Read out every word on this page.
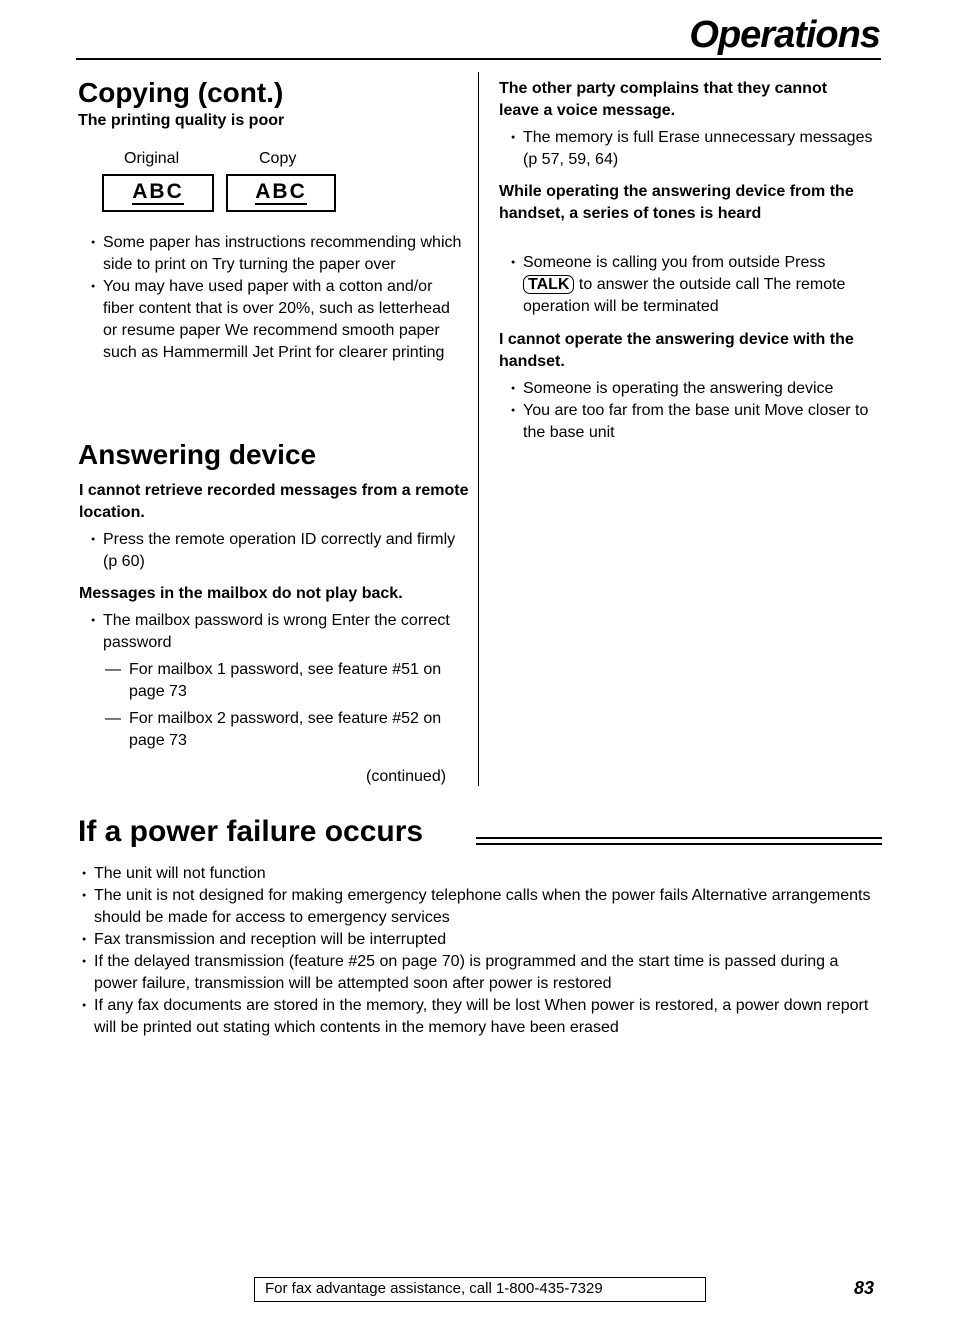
Operations
Copying (cont.)
The printing quality is poor
Original	Copy
ABC	ABC
● Some paper has instructions recommending which side to print on Try turning the paper over
● You may have used paper with a cotton and/or fiber content that is over 20%, such as letterhead or resume paper We recommend smooth paper such as Hammermill Jet Print for clearer printing
Answering device
I cannot retrieve recorded messages from a remote location.
● Press the remote operation ID correctly and firmly (p 60)
Messages in the mailbox do not play back.
● The mailbox password is wrong Enter the correct password
— For mailbox 1 password, see feature #51 on page 73
— For mailbox 2 password, see feature #52 on page 73
(continued)
The other party complains that they cannot leave a voice message.
● The memory is full Erase unnecessary messages (p 57, 59, 64)
While operating the answering device from the handset, a series of tones is heard
● Someone is calling you from outside Press TALK to answer the outside call The remote operation will be terminated
I cannot operate the answering device with the handset.
● Someone is operating the answering device
● You are too far from the base unit Move closer to the base unit
If a power failure occurs
● The unit will not function
● The unit is not designed for making emergency telephone calls when the power fails Alternative arrangements should be made for access to emergency services
● Fax transmission and reception will be interrupted
● If the delayed transmission (feature #25 on page 70) is programmed and the start time is passed during a power failure, transmission will be attempted soon after power is restored
● If any fax documents are stored in the memory, they will be lost When power is restored, a power down report will be printed out stating which contents in the memory have been erased
For fax advantage assistance, call 1-800-435-7329	83
